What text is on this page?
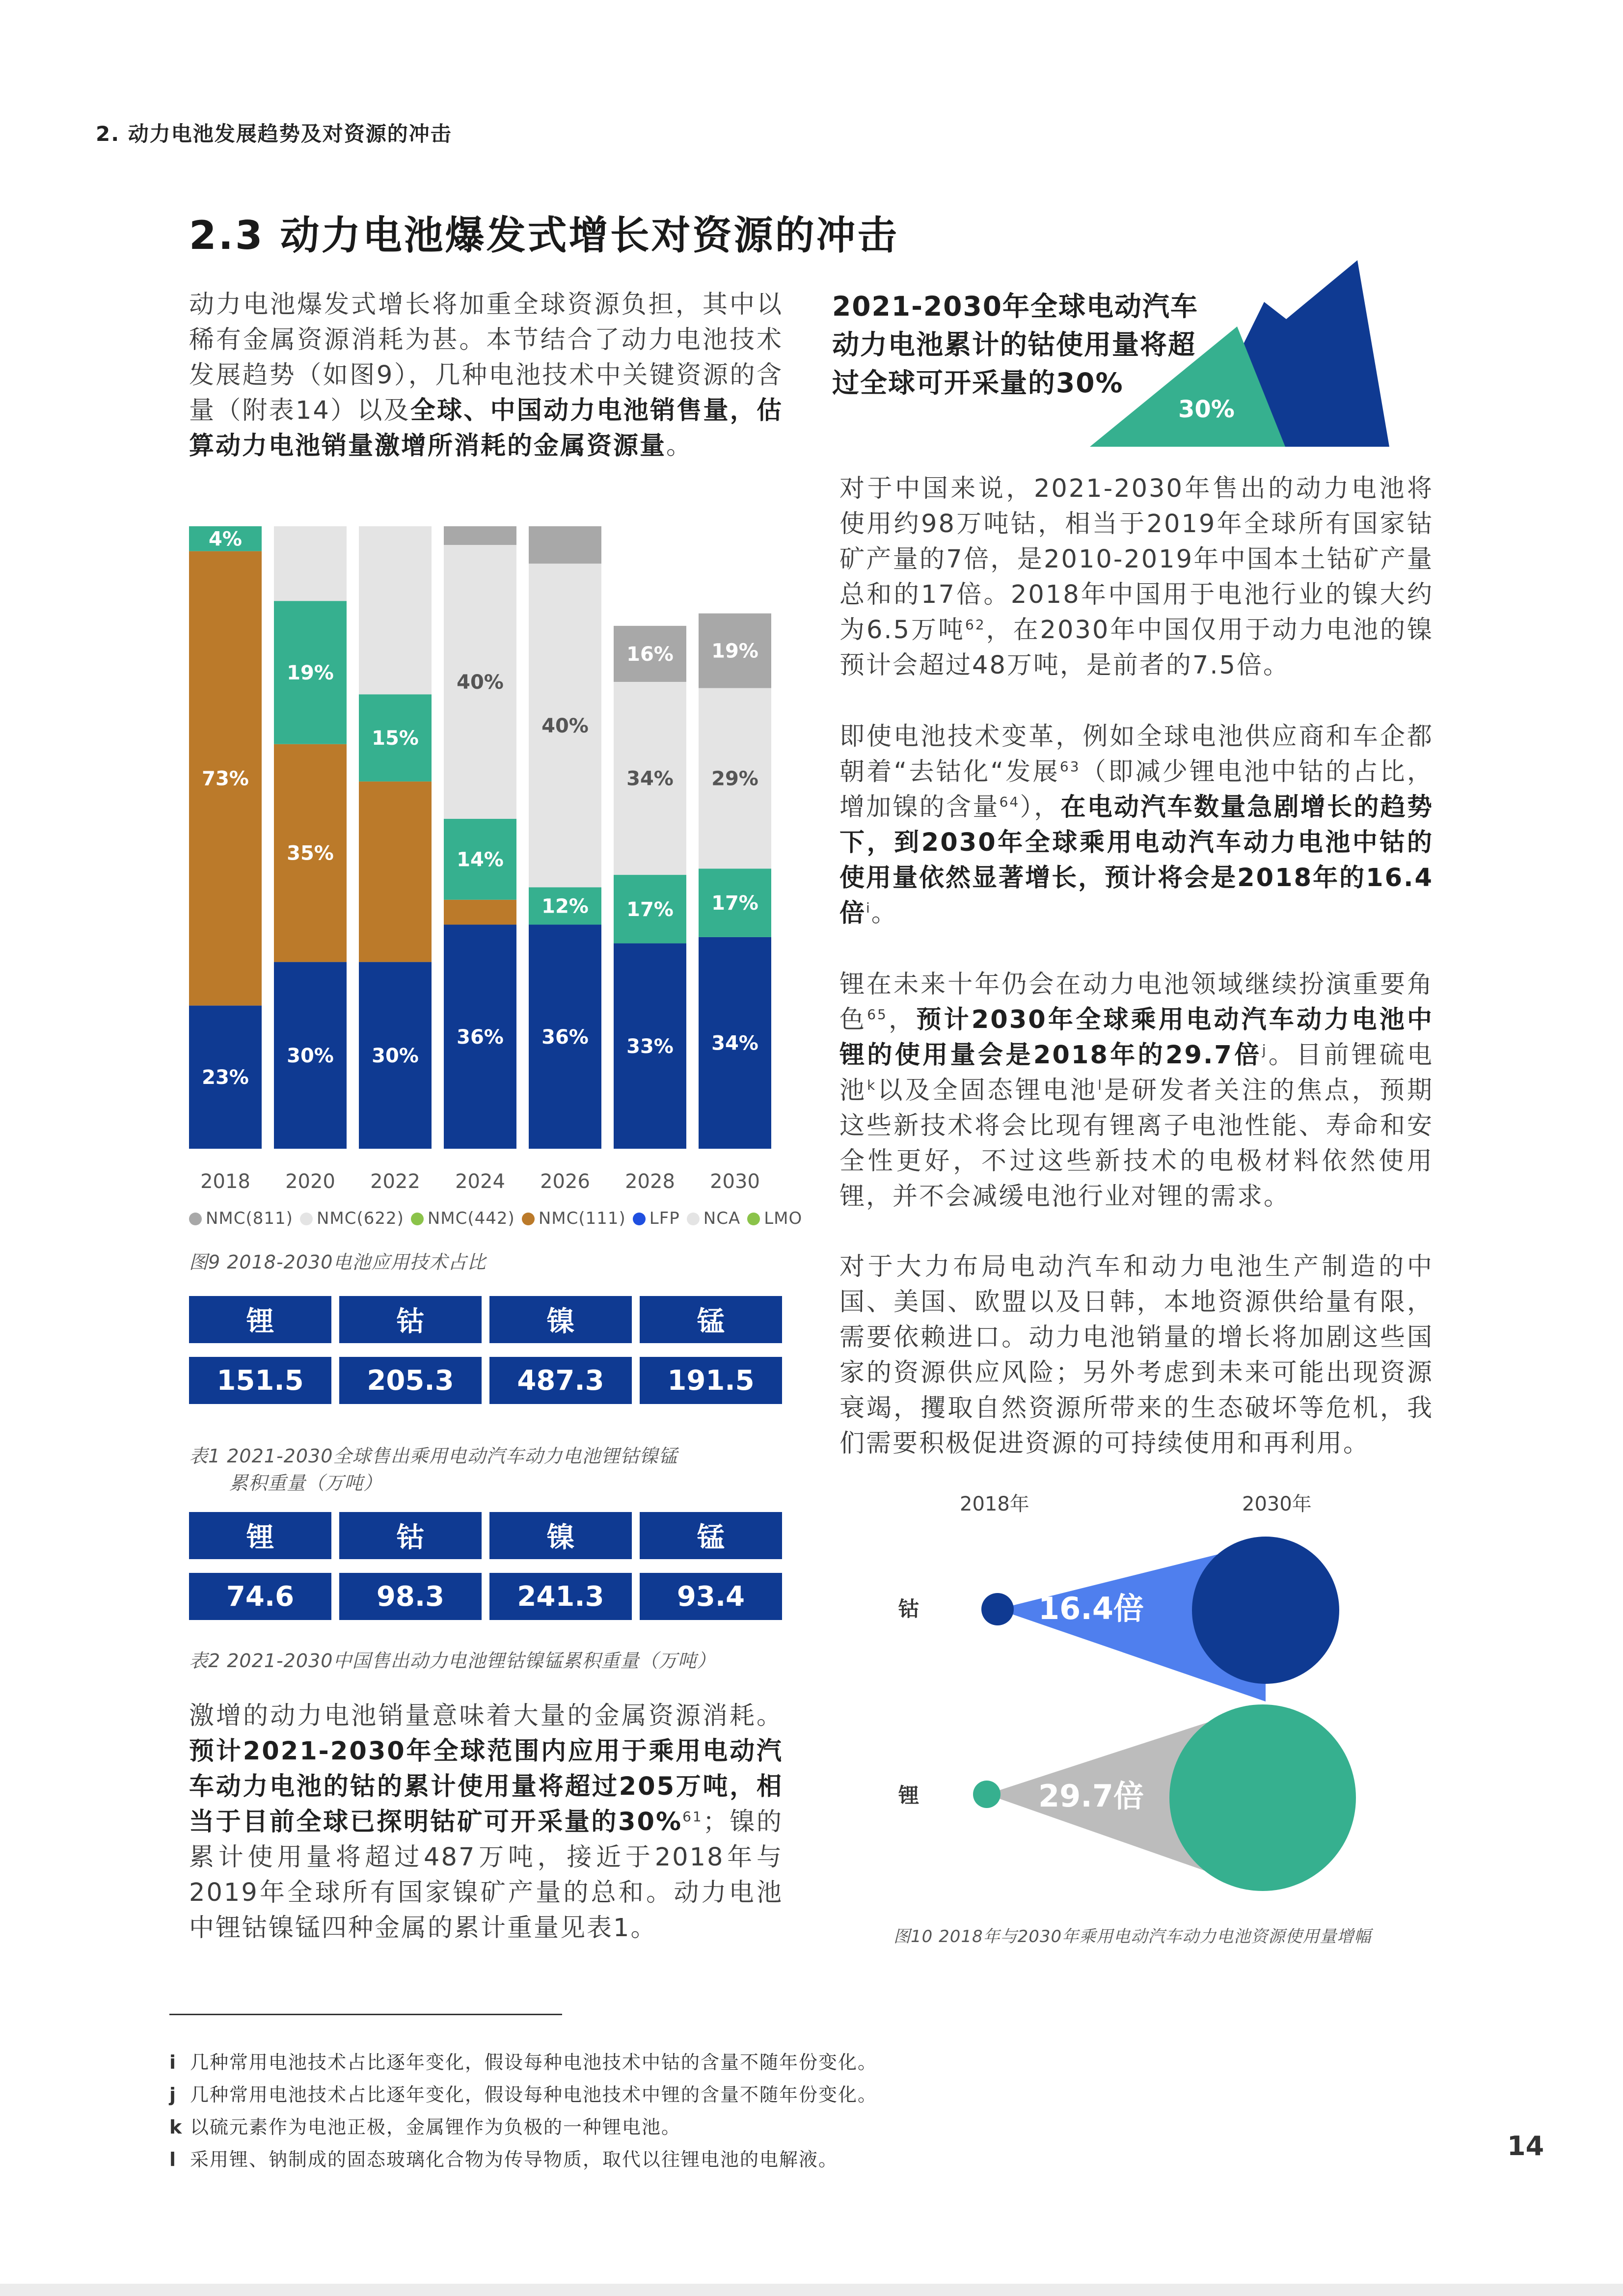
2. 动力电池发展趋势及对资源的冲击
2.3 动力电池爆发式增长对资源的冲击
动力电池爆发式增长将加重全球资源负担，其中以稀有金属资源消耗为甚。本节结合了动力电池技术发展趋势（如图9），几种电池技术中关键资源的含量（附表14）以及全球、中国动力电池销售量，估算动力电池销量激增所消耗的金属资源量。
2021-2030年全球电动汽车动力电池累计的钴使用量将超过全球可开采量的30%
30%
23%
73%
4%
2018
30%
35%
19%
2020
30%
15%
2022
36%
14%
40%
2024
36%
12%
40%
2026
33%
17%
34%
16%
2028
34%
17%
29%
19%
2030
NMC(811)	NMC(622)	NMC(442)	NMC(111)	LFP	NCA	LMO
图9 2018-2030电池应用技术占比
锂	钴	镍	锰
151.5	205.3	487.3	191.5
表1 2021-2030全球售出乘用电动汽车动力电池锂钴镍锰
累积重量（万吨）
锂	钴	镍	锰
74.6	98.3	241.3	93.4
表2 2021-2030中国售出动力电池锂钴镍锰累积重量（万吨）
激增的动力电池销量意味着大量的金属资源消耗。预计2021-2030年全球范围内应用于乘用电动汽车动力电池的钴的累计使用量将超过205万吨，相当于目前全球已探明钴矿可开采量的30%$^{61}$；镍的累计使用量将超过487万吨，接近于2018年与2019年全球所有国家镍矿产量的总和。动力电池中锂钴镍锰四种金属的累计重量见表1。
对于中国来说，2021-2030年售出的动力电池将使用约98万吨钴，相当于2019年全球所有国家钴矿产量的7倍，是2010-2019年中国本土钴矿产量总和的17倍。2018年中国用于电池行业的镍大约为6.5万吨$^{62}$，在2030年中国仅用于动力电池的镍预计会超过48万吨，是前者的7.5倍。
即使电池技术变革，例如全球电池供应商和车企都朝着“去钴化“发展$^{63}$（即减少锂电池中钴的占比，增加镍的含量$^{64}$），在电动汽车数量急剧增长的趋势下，到2030年全球乘用电动汽车动力电池中钴的使用量依然显著增长，预计将会是2018年的16.4倍$^i$。
锂在未来十年仍会在动力电池领域继续扮演重要角色$^{65}$，预计2030年全球乘用电动汽车动力电池中锂的使用量会是2018年的29.7倍$^j$。目前锂硫电池$^k$以及全固态锂电池$^l$是研发者关注的焦点，预期这些新技术将会比现有锂离子电池性能、寿命和安全性更好，不过这些新技术的电极材料依然使用锂，并不会减缓电池行业对锂的需求。
对于大力布局电动汽车和动力电池生产制造的中国、美国、欧盟以及日韩，本地资源供给量有限，需要依赖进口。动力电池销量的增长将加剧这些国家的资源供应风险；另外考虑到未来可能出现资源衰竭，攫取自然资源所带来的生态破坏等危机，我们需要积极促进资源的可持续使用和再利用。
2018年	2030年
钴	16.4倍
锂	29.7倍
图10 2018年与2030年乘用电动汽车动力电池资源使用量增幅
i 几种常用电池技术占比逐年变化，假设每种电池技术中钴的含量不随年份变化。
j 几种常用电池技术占比逐年变化，假设每种电池技术中锂的含量不随年份变化。
k 以硫元素作为电池正极，金属锂作为负极的一种锂电池。
l 采用锂、钠制成的固态玻璃化合物为传导物质，取代以往锂电池的电解液。	14
